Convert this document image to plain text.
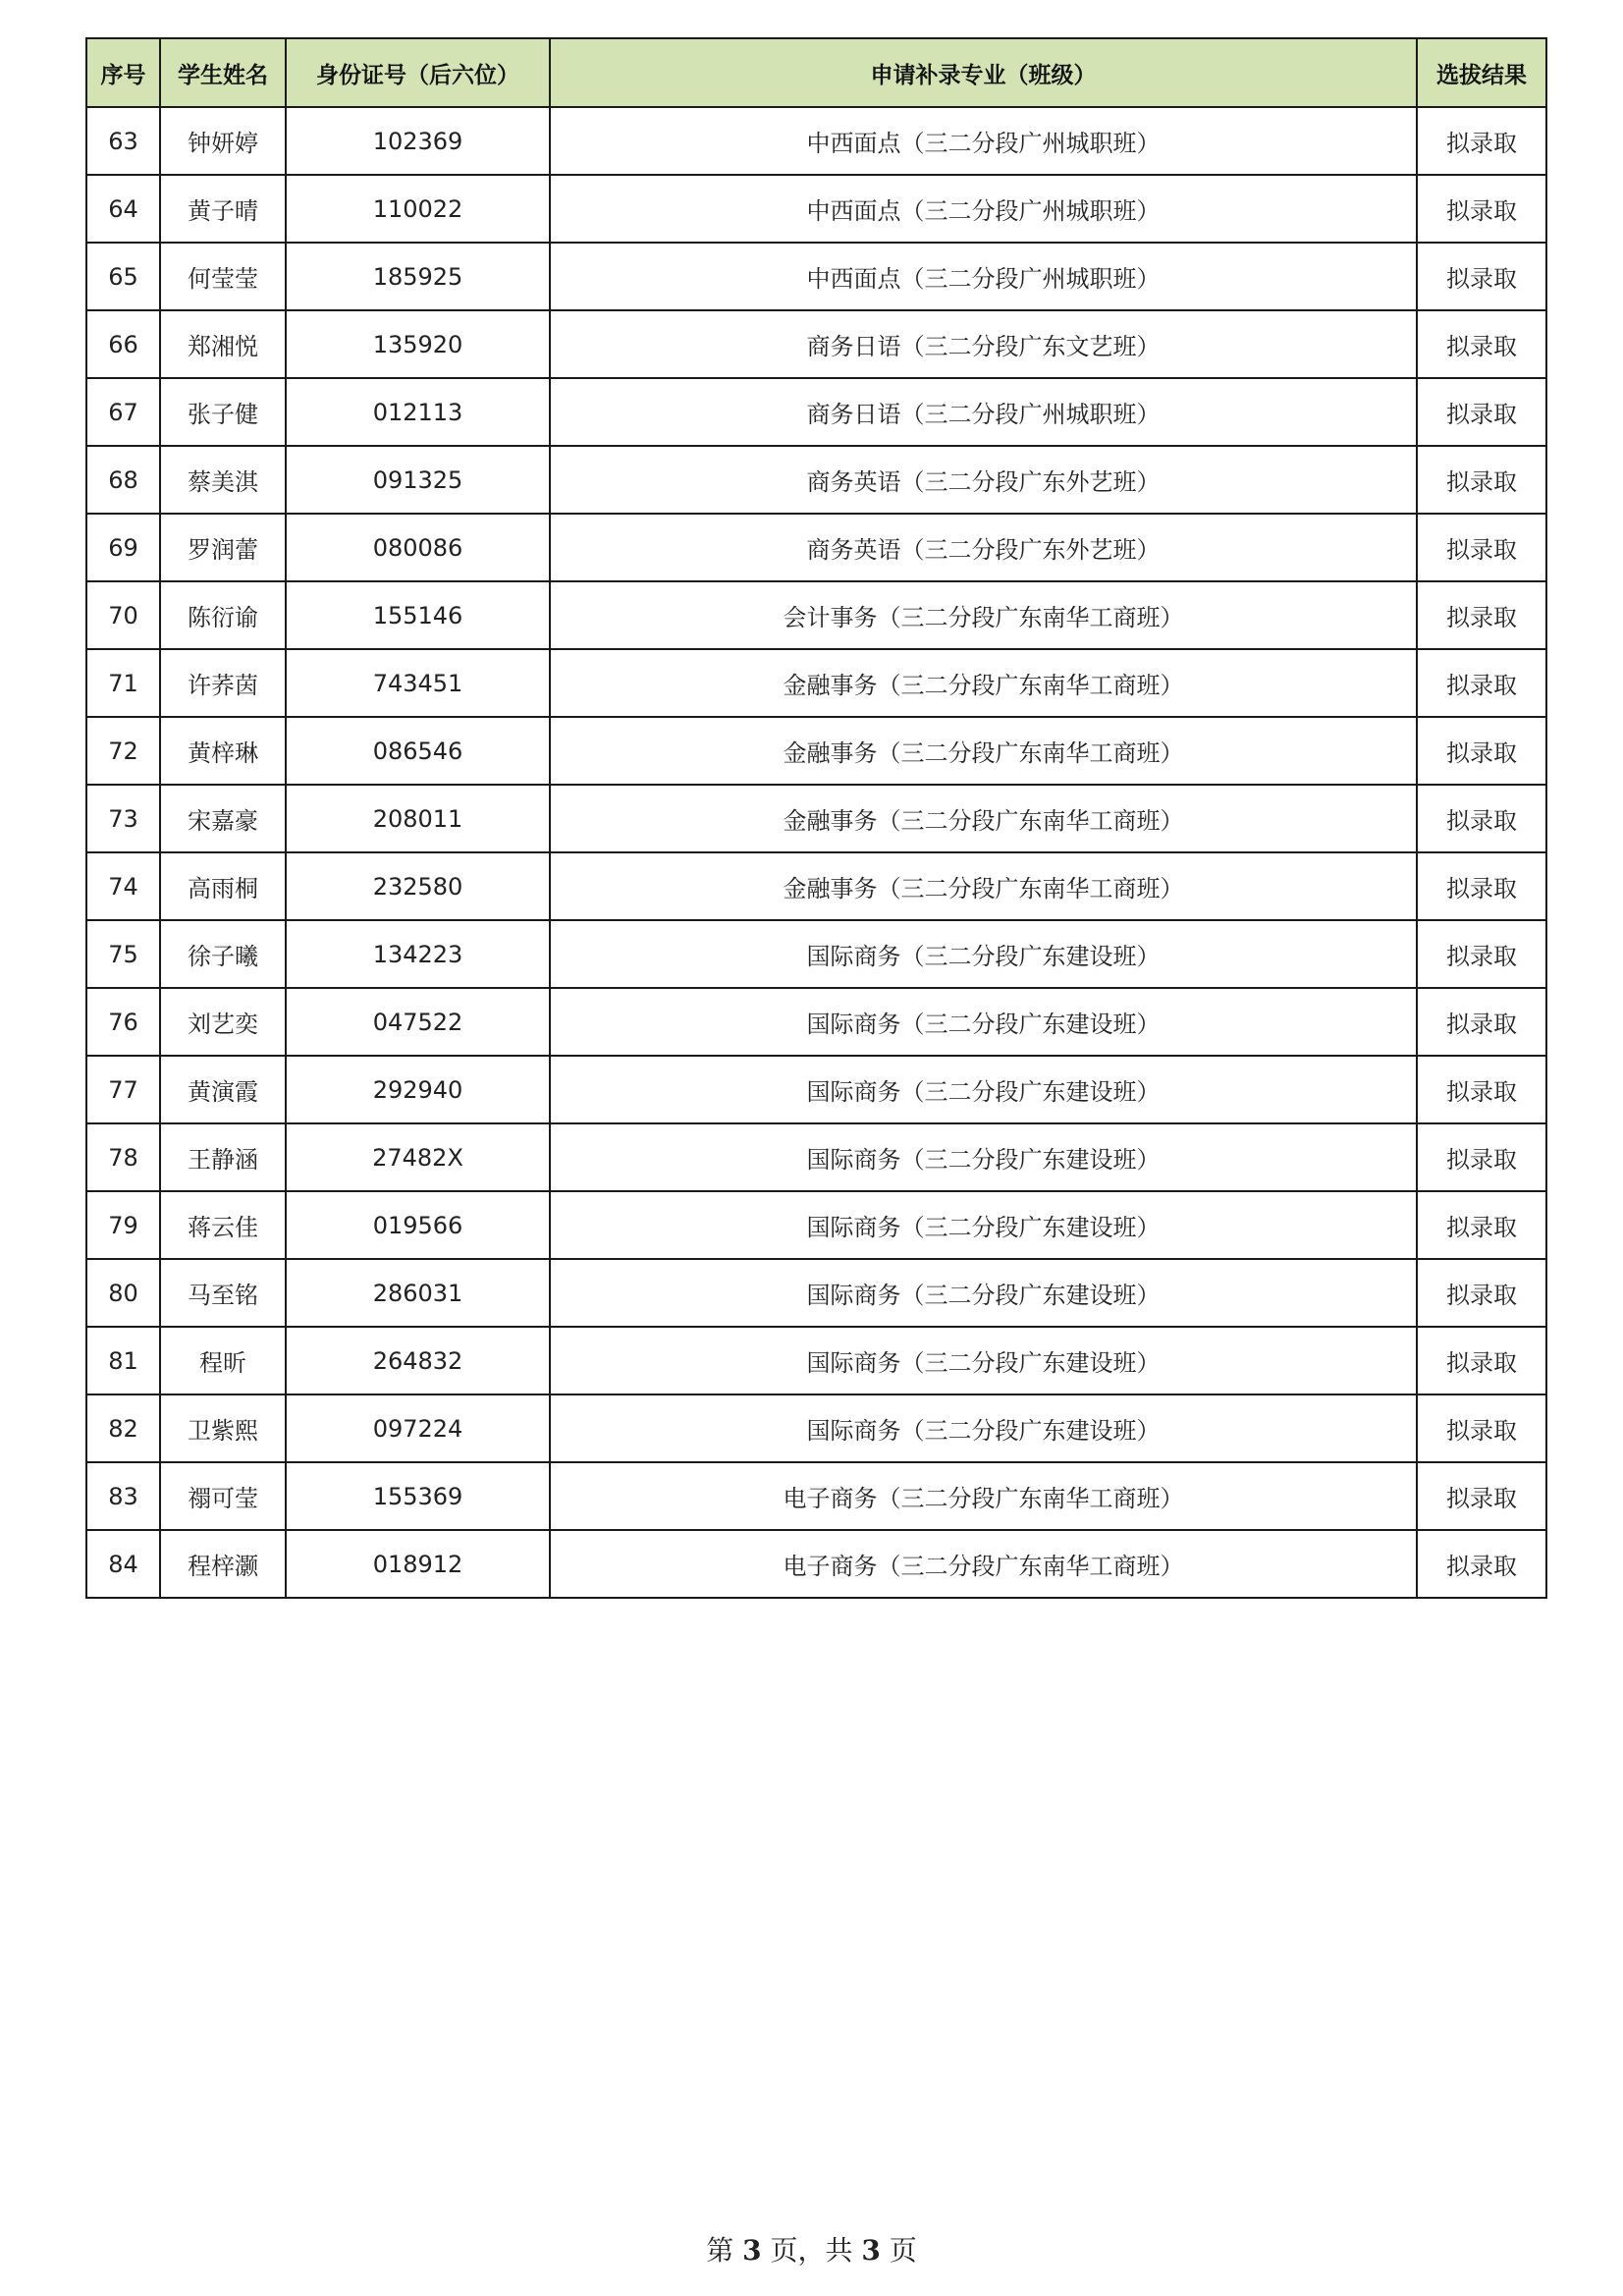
序号	学生姓名	身份证号（后六位）	申请补录专业（班级）	选拔结果
63	钟妍婷	102369	中西面点（三二分段广州城职班）	拟录取
64	黄子晴	110022	中西面点（三二分段广州城职班）	拟录取
65	何莹莹	185925	中西面点（三二分段广州城职班）	拟录取
66	郑湘悦	135920	商务日语（三二分段广东文艺班）	拟录取
67	张子健	012113	商务日语（三二分段广州城职班）	拟录取
68	蔡美淇	091325	商务英语（三二分段广东外艺班）	拟录取
69	罗润蕾	080086	商务英语（三二分段广东外艺班）	拟录取
70	陈衍谕	155146	会计事务（三二分段广东南华工商班）	拟录取
71	许荞茵	743451	金融事务（三二分段广东南华工商班）	拟录取
72	黄梓琳	086546	金融事务（三二分段广东南华工商班）	拟录取
73	宋嘉豪	208011	金融事务（三二分段广东南华工商班）	拟录取
74	高雨桐	232580	金融事务（三二分段广东南华工商班）	拟录取
75	徐子曦	134223	国际商务（三二分段广东建设班）	拟录取
76	刘艺奕	047522	国际商务（三二分段广东建设班）	拟录取
77	黄演霞	292940	国际商务（三二分段广东建设班）	拟录取
78	王静涵	27482X	国际商务（三二分段广东建设班）	拟录取
79	蒋云佳	019566	国际商务（三二分段广东建设班）	拟录取
80	马至铭	286031	国际商务（三二分段广东建设班）	拟录取
81	程昕	264832	国际商务（三二分段广东建设班）	拟录取
82	卫紫熙	097224	国际商务（三二分段广东建设班）	拟录取
83	禤可莹	155369	电子商务（三二分段广东南华工商班）	拟录取
84	程梓灏	018912	电子商务（三二分段广东南华工商班）	拟录取
第 3 页，共 3 页
